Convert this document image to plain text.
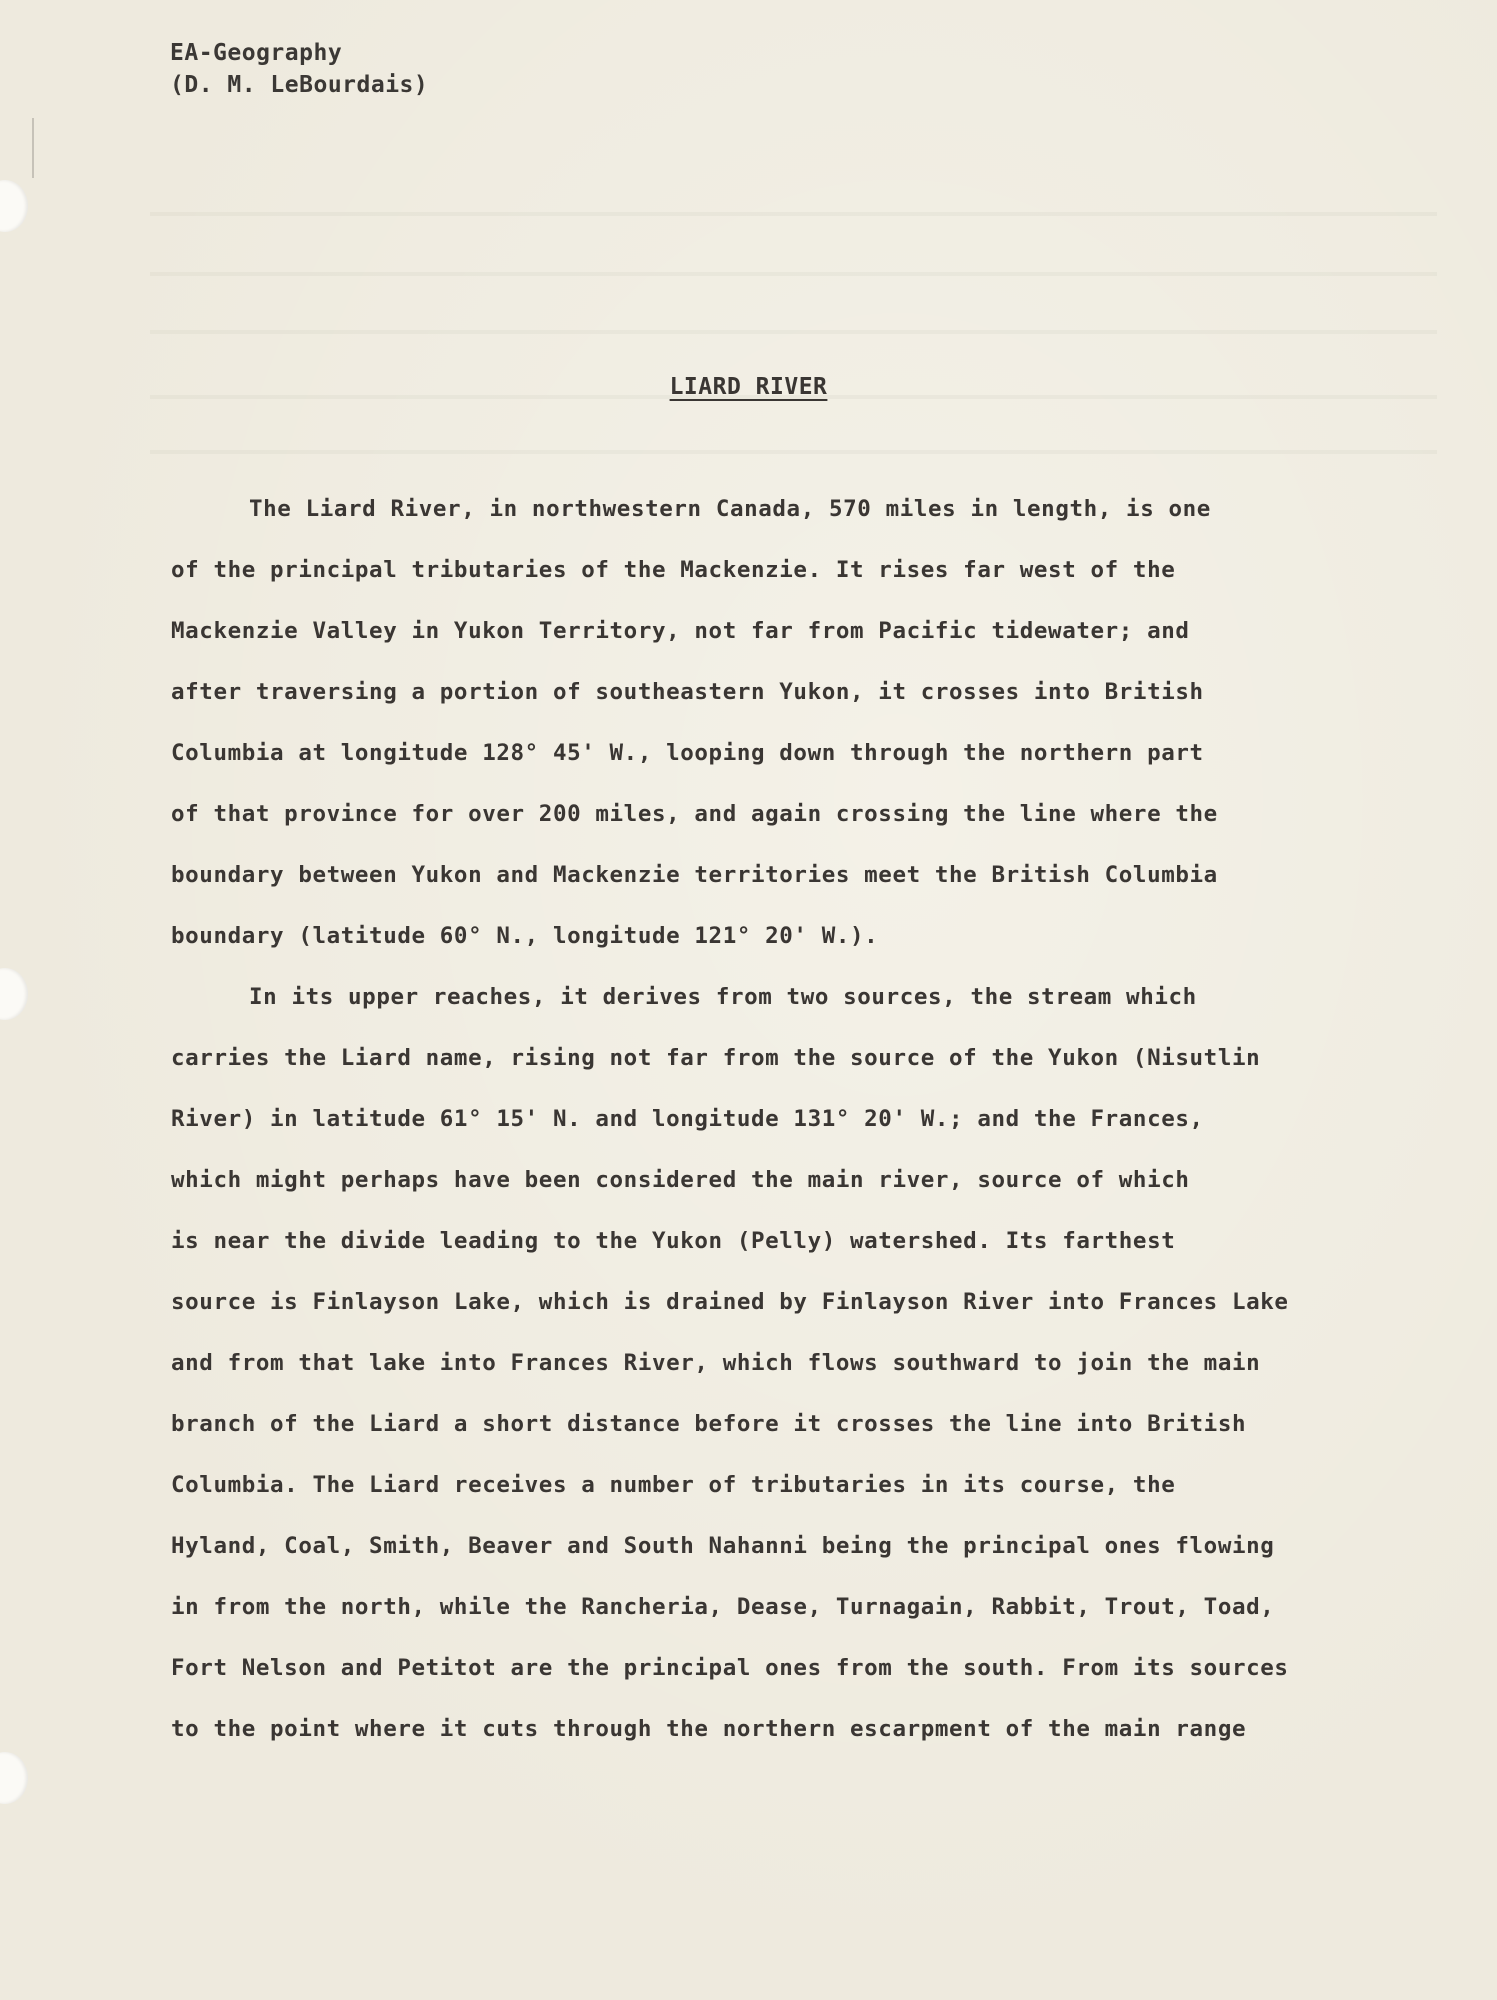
EA-Geography
(D. M. LeBourdais)
LIARD RIVER
The Liard River, in northwestern Canada, 570 miles in length, is one
of the principal tributaries of the Mackenzie. It rises far west of the
Mackenzie Valley in Yukon Territory, not far from Pacific tidewater; and
after traversing a portion of southeastern Yukon, it crosses into British
Columbia at longitude 128° 45' W., looping down through the northern part
of that province for over 200 miles, and again crossing the line where the
boundary between Yukon and Mackenzie territories meet the British Columbia
boundary (latitude 60° N., longitude 121° 20' W.).
In its upper reaches, it derives from two sources, the stream which
carries the Liard name, rising not far from the source of the Yukon (Nisutlin
River) in latitude 61° 15' N. and longitude 131° 20' W.; and the Frances,
which might perhaps have been considered the main river, source of which
is near the divide leading to the Yukon (Pelly) watershed. Its farthest
source is Finlayson Lake, which is drained by Finlayson River into Frances Lake
and from that lake into Frances River, which flows southward to join the main
branch of the Liard a short distance before it crosses the line into British
Columbia. The Liard receives a number of tributaries in its course, the
Hyland, Coal, Smith, Beaver and South Nahanni being the principal ones flowing
in from the north, while the Rancheria, Dease, Turnagain, Rabbit, Trout, Toad,
Fort Nelson and Petitot are the principal ones from the south. From its sources
to the point where it cuts through the northern escarpment of the main range
